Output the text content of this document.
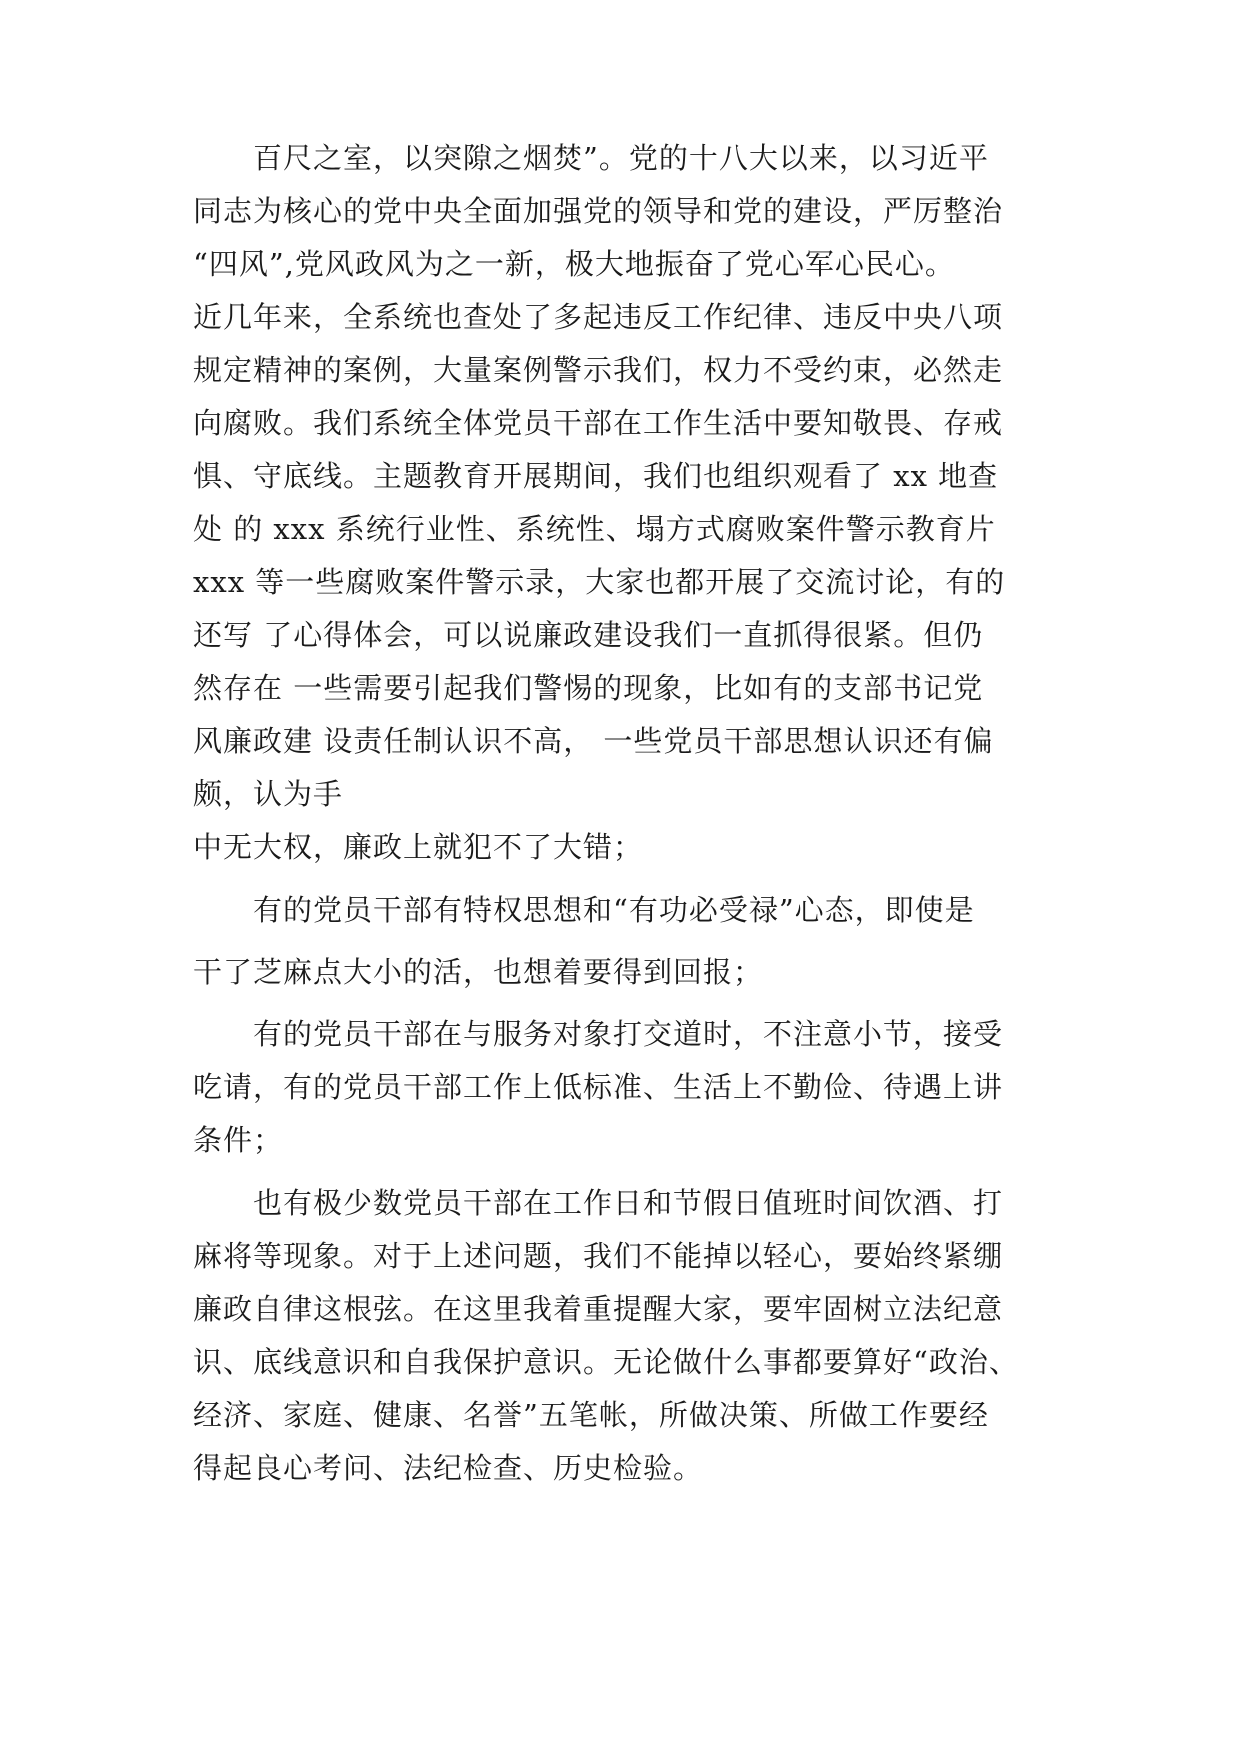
百尺之室，以突隙之烟焚”。党的十八大以来，以习近平
同志为核心的党中央全面加强党的领导和党的建设，严厉整治
“四风”,党风政风为之一新，极大地振奋了党心军心民心。
近几年来，全系统也查处了多起违反工作纪律、违反中央八项
规定精神的案例，大量案例警示我们，权力不受约束，必然走
向腐败。我们系统全体党员干部在工作生活中要知敬畏、存戒
惧、守底线。主题教育开展期间，我们也组织观看了 xx 地查
处 的 xxx 系统行业性、系统性、塌方式腐败案件警示教育片
xxx 等一些腐败案件警示录，大家也都开展了交流讨论，有的
还写 了心得体会，可以说廉政建设我们一直抓得很紧。但仍
然存在 一些需要引起我们警惕的现象，比如有的支部书记党
风廉政建 设责任制认识不高， 一些党员干部思想认识还有偏
颇，认为手
中无大权，廉政上就犯不了大错；
有的党员干部有特权思想和“有功必受禄”心态，即使是
干了芝麻点大小的活，也想着要得到回报；
有的党员干部在与服务对象打交道时，不注意小节，接受
吃请，有的党员干部工作上低标准、生活上不勤俭、待遇上讲
条件；
也有极少数党员干部在工作日和节假日值班时间饮酒、打
麻将等现象。对于上述问题，我们不能掉以轻心，要始终紧绷
廉政自律这根弦。在这里我着重提醒大家，要牢固树立法纪意
识、底线意识和自我保护意识。无论做什么事都要算好“政治、
经济、家庭、健康、名誉”五笔帐，所做决策、所做工作要经
得起良心考问、法纪检查、历史检验。
